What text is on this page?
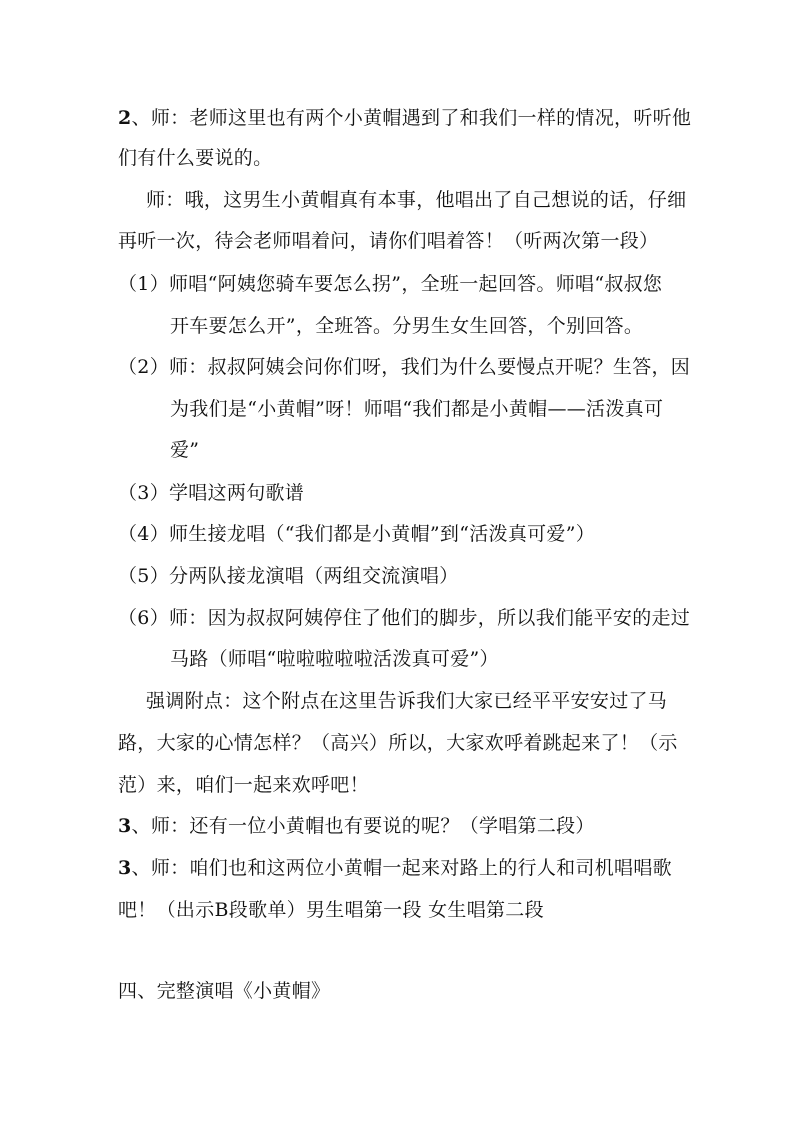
2、师：老师这里也有两个小黄帽遇到了和我们一样的情况，听听他
们有什么要说的。
师：哦，这男生小黄帽真有本事，他唱出了自己想说的话，仔细
再听一次，待会老师唱着问，请你们唱着答！（听两次第一段）
（1）师唱“阿姨您骑车要怎么拐”，全班一起回答。师唱“叔叔您
开车要怎么开”，全班答。分男生女生回答，个别回答。
（2）师：叔叔阿姨会问你们呀，我们为什么要慢点开呢？生答，因
为我们是“小黄帽”呀！师唱“我们都是小黄帽——活泼真可
爱”
（3）学唱这两句歌谱
（4）师生接龙唱（“我们都是小黄帽”到“活泼真可爱”）
（5）分两队接龙演唱（两组交流演唱）
（6）师：因为叔叔阿姨停住了他们的脚步，所以我们能平安的走过
马路（师唱“啦啦啦啦啦活泼真可爱”）
强调附点：这个附点在这里告诉我们大家已经平平安安过了马
路，大家的心情怎样？（高兴）所以，大家欢呼着跳起来了！（示
范）来，咱们一起来欢呼吧！
3、师：还有一位小黄帽也有要说的呢？（学唱第二段）
3、师：咱们也和这两位小黄帽一起来对路上的行人和司机唱唱歌
吧！（出示B段歌单）男生唱第一段 女生唱第二段
四、完整演唱《小黄帽》
